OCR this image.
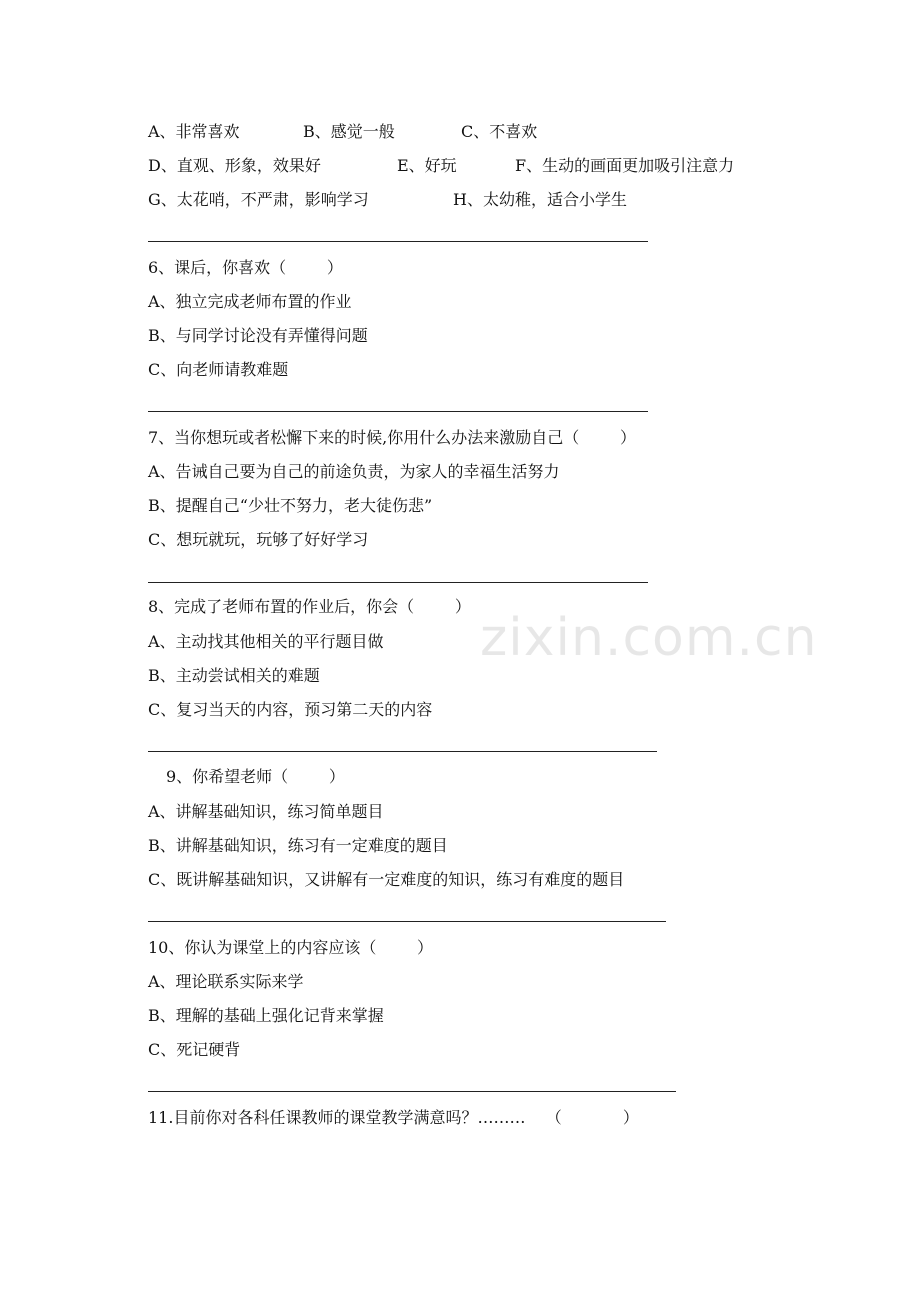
A、非常喜欢	B、感觉一般	C、不喜欢
D、直观、形象，效果好	E、好玩	F、生动的画面更加吸引注意力
G、太花哨，不严肃，影响学习	H、太幼稚，适合小学生
6、课后，你喜欢（        ）
A、独立完成老师布置的作业
B、与同学讨论没有弄懂得问题
C、向老师请教难题
7、当你想玩或者松懈下来的时候,你用什么办法来激励自己（        ）
A、告诫自己要为自己的前途负责，为家人的幸福生活努力
B、提醒自己“少壮不努力，老大徒伤悲”
C、想玩就玩，玩够了好好学习
8、完成了老师布置的作业后，你会（        ）
A、主动找其他相关的平行题目做
B、主动尝试相关的难题
C、复习当天的内容，预习第二天的内容
9、你希望老师（        ）
A、讲解基础知识，练习简单题目
B、讲解基础知识，练习有一定难度的题目
C、既讲解基础知识，又讲解有一定难度的知识，练习有难度的题目
10、你认为课堂上的内容应该（        ）
A、理论联系实际来学
B、理解的基础上强化记背来掌握
C、死记硬背
11.目前你对各科任课教师的课堂教学满意吗？………    （            ）
zixin.com.cn
